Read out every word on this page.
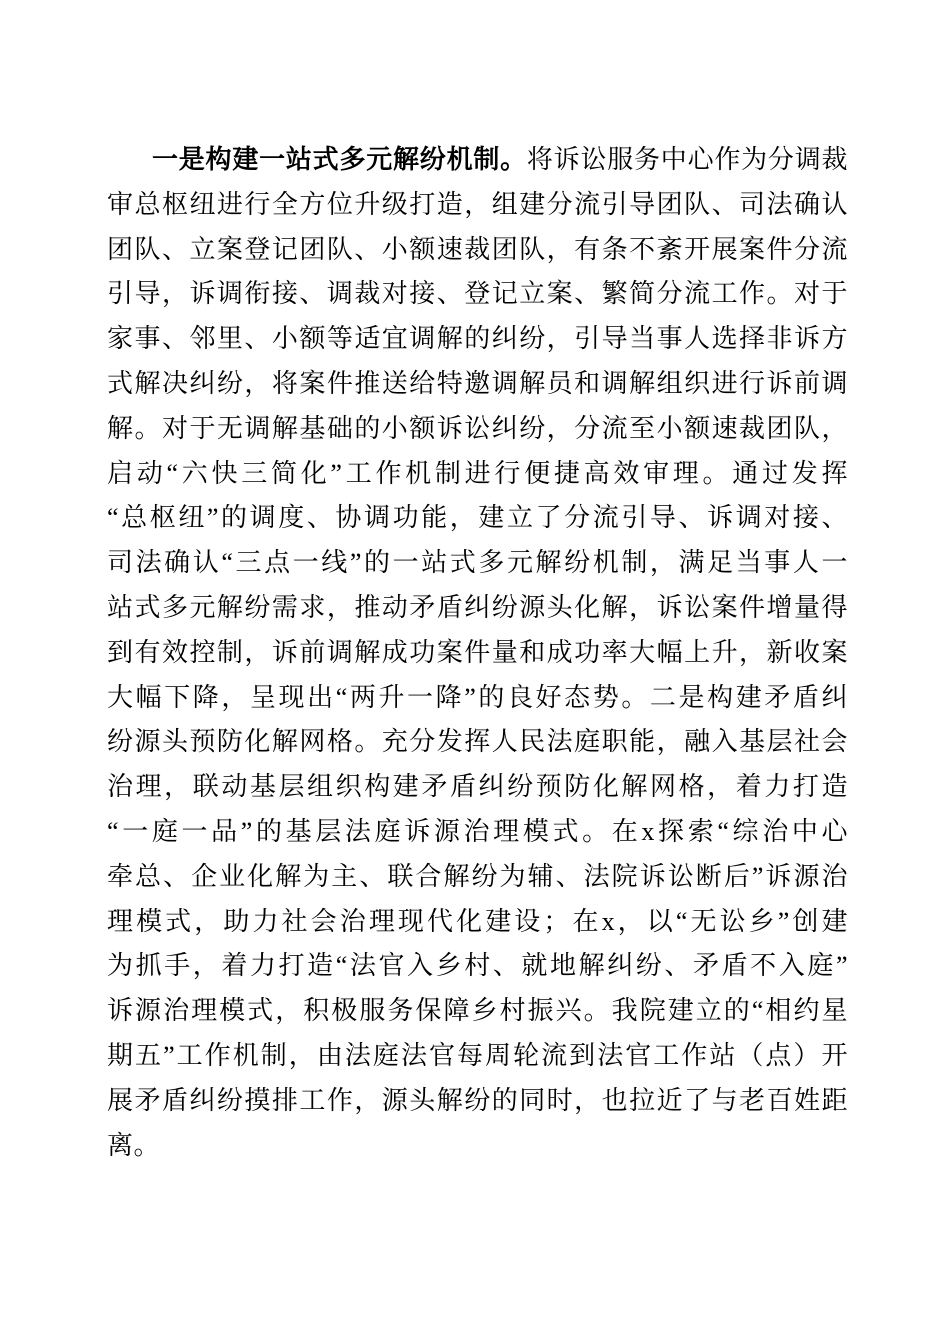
一是构建一站式多元解纷机制。将诉讼服务中心作为分调裁
审总枢纽进行全方位升级打造，组建分流引导团队、司法确认
团队、立案登记团队、小额速裁团队，有条不紊开展案件分流
引导，诉调衔接、调裁对接、登记立案、繁简分流工作。对于
家事、邻里、小额等适宜调解的纠纷，引导当事人选择非诉方
式解决纠纷，将案件推送给特邀调解员和调解组织进行诉前调
解。对于无调解基础的小额诉讼纠纷，分流至小额速裁团队，
启动“六快三简化”工作机制进行便捷高效审理。通过发挥
“总枢纽”的调度、协调功能，建立了分流引导、诉调对接、
司法确认“三点一线”的一站式多元解纷机制，满足当事人一
站式多元解纷需求，推动矛盾纠纷源头化解，诉讼案件增量得
到有效控制，诉前调解成功案件量和成功率大幅上升，新收案
大幅下降，呈现出“两升一降”的良好态势。二是构建矛盾纠
纷源头预防化解网格。充分发挥人民法庭职能，融入基层社会
治理，联动基层组织构建矛盾纠纷预防化解网格，着力打造
“一庭一品”的基层法庭诉源治理模式。在x探索“综治中心
牵总、企业化解为主、联合解纷为辅、法院诉讼断后”诉源治
理模式，助力社会治理现代化建设；在x，以“无讼乡”创建
为抓手，着力打造“法官入乡村、就地解纠纷、矛盾不入庭”
诉源治理模式，积极服务保障乡村振兴。我院建立的“相约星
期五”工作机制，由法庭法官每周轮流到法官工作站（点）开
展矛盾纠纷摸排工作，源头解纷的同时，也拉近了与老百姓距
离。
